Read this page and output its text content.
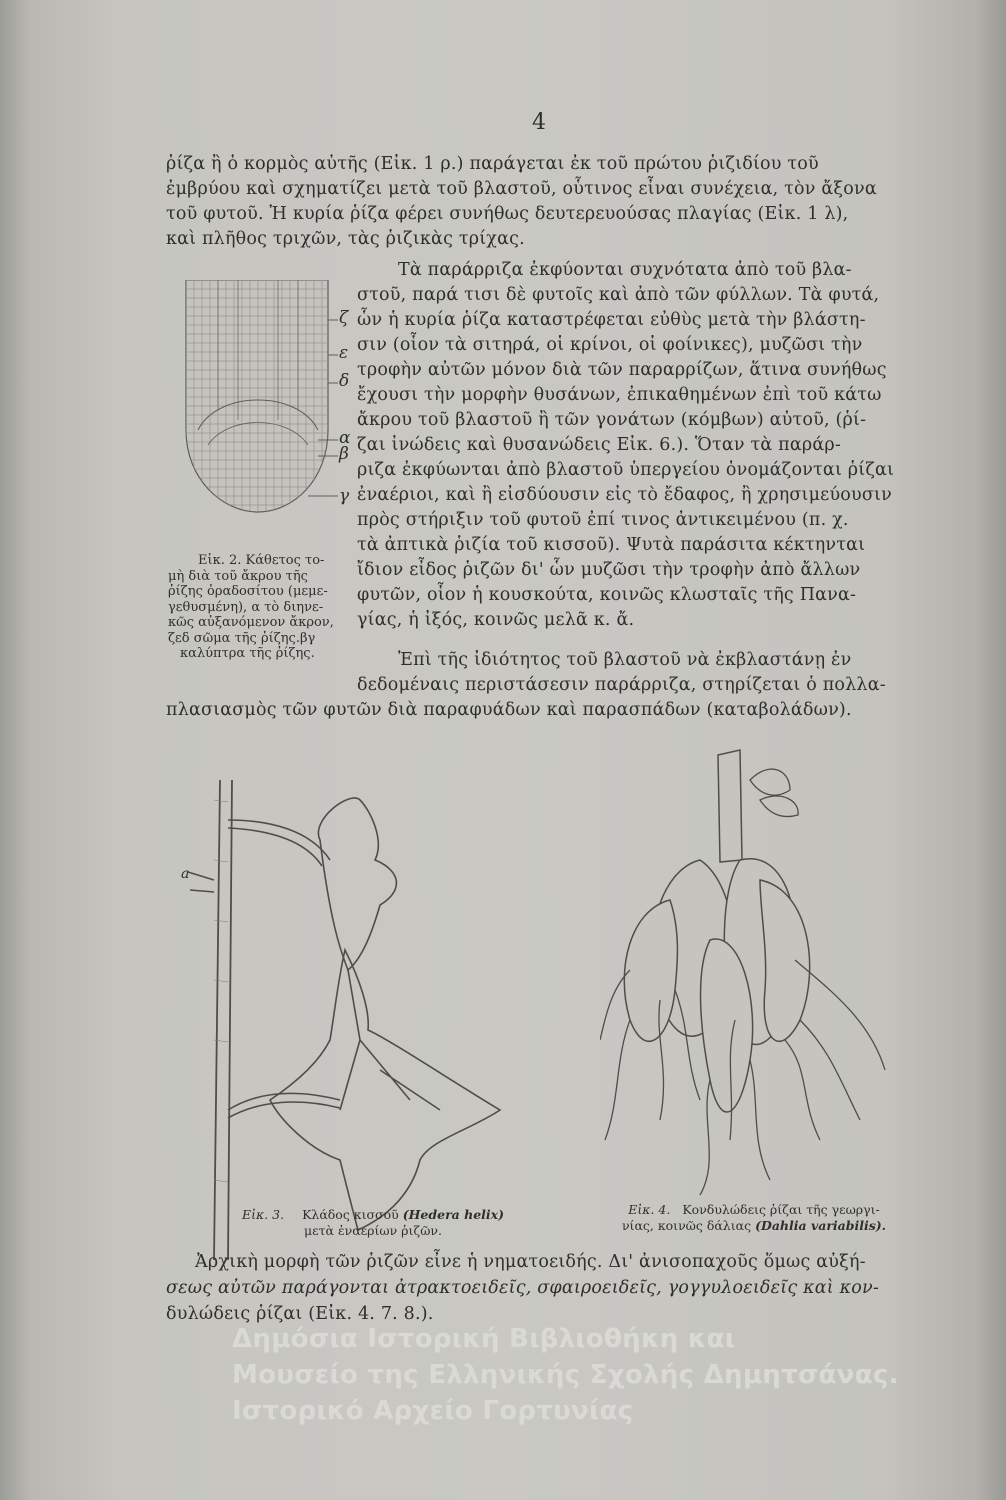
4
ῥίζα ἢ ὁ κορμὸς αὐτῆς (Εἰκ. 1 ρ.) παράγεται ἐκ τοῦ πρώτου ῥιζιδίου τοῦ
ἐμβρύου καὶ σχηματίζει μετὰ τοῦ βλαστοῦ, οὗτινος εἶναι συνέχεια, τὸν ἄξονα
τοῦ φυτοῦ. Ἡ κυρία ῥίζα φέρει συνήθως δευτερευούσας πλαγίας (Εἰκ. 1 λ),
καὶ πλῆθος τριχῶν, τὰς ῥιζικὰς τρίχας.
Τὰ παράρριζα ἐκφύονται συχνότατα ἀπὸ τοῦ βλα-
στοῦ, παρά τισι δὲ φυτοῖς καὶ ἀπὸ τῶν φύλλων. Τὰ φυτά,
ὧν ἡ κυρία ῥίζα καταστρέφεται εὐθὺς μετὰ τὴν βλάστη-
σιν (οἷον τὰ σιτηρά, οἱ κρίνοι, οἱ φοίνικες), μυζῶσι τὴν
τροφὴν αὐτῶν μόνον διὰ τῶν παραρρίζων, ἅτινα συνήθως
ἔχουσι τὴν μορφὴν θυσάνων, ἐπικαθημένων ἐπὶ τοῦ κάτω
ἄκρου τοῦ βλαστοῦ ἢ τῶν γονάτων (κόμβων) αὐτοῦ, (ῥί-
ζαι ἰνώδεις καὶ θυσανώδεις Εἰκ. 6.). Ὅταν τὰ παράρ-
ριζα ἐκφύωνται ἀπὸ βλαστοῦ ὑπεργείου ὀνομάζονται ῥίζαι
ἐναέριοι, καὶ ἢ εἰσδύουσιν εἰς τὸ ἔδαφος, ἢ χρησιμεύουσιν
πρὸς στήριξιν τοῦ φυτοῦ ἐπί τινος ἀντικειμένου (π. χ.
τὰ ἀπτικὰ ῥιζία τοῦ κισσοῦ). Ψυτὰ παράσιτα κέκτηνται
ἴδιον εἶδος ῥιζῶν δι' ὧν μυζῶσι τὴν τροφὴν ἀπὸ ἄλλων
φυτῶν, οἷον ἡ κουσκούτα, κοινῶς κλωσταῖς τῆς Πανα-
γίας, ἡ ἰξός, κοινῶς μελᾶ κ. ἄ.
Ἐπὶ τῆς ἰδιότητος τοῦ βλαστοῦ νὰ ἐκβλαστάνῃ ἐν
δεδομέναις περιστάσεσιν παράρριζα, στηρίζεται ὁ πολλα-
πλασιασμὸς τῶν φυτῶν διὰ παραφυάδων καὶ παρασπάδων (καταβολάδων).
ζ
ε
δ
α
β
γ
Εἰκ. 2. Κάθετος το-
μὴ διὰ τοῦ ἄκρου τῆς
ῥίζης ὀραδοσίτου (μεμε-
γεθυσμένη), α τὸ διηνε-
κῶς αὐξανόμενον ἄκρον,
ζεδ σῶμα τῆς ῥίζης.βγ
καλύπτρα τῆς ῥίζης.
a
Εἰκ. 3. Κλάδος κισσοῦ (Hedera helix)
μετὰ ἐναερίων ῥιζῶν.
Εἰκ. 4. Κονδυλώδεις ῥίζαι τῆς γεωργι-
νίας, κοινῶς δάλιας (Dahlia variabilis).
Ἀρχικὴ μορφὴ τῶν ῥιζῶν εἶνε ἡ νηματοειδής. Δι' ἀνισοπαχοῦς ὅμως αὐξή-
σεως αὐτῶν παράγονται ἀτρακτοειδεῖς, σφαιροειδεῖς, γογγυλοειδεῖς καὶ κον-
δυλώδεις ῥίζαι (Εἰκ. 4. 7. 8.).
Δημόσια Ιστορική Βιβλιοθήκη και
Μουσείο της Ελληνικής Σχολής Δημητσάνας.
Ιστορικό Αρχείο Γορτυνίας
